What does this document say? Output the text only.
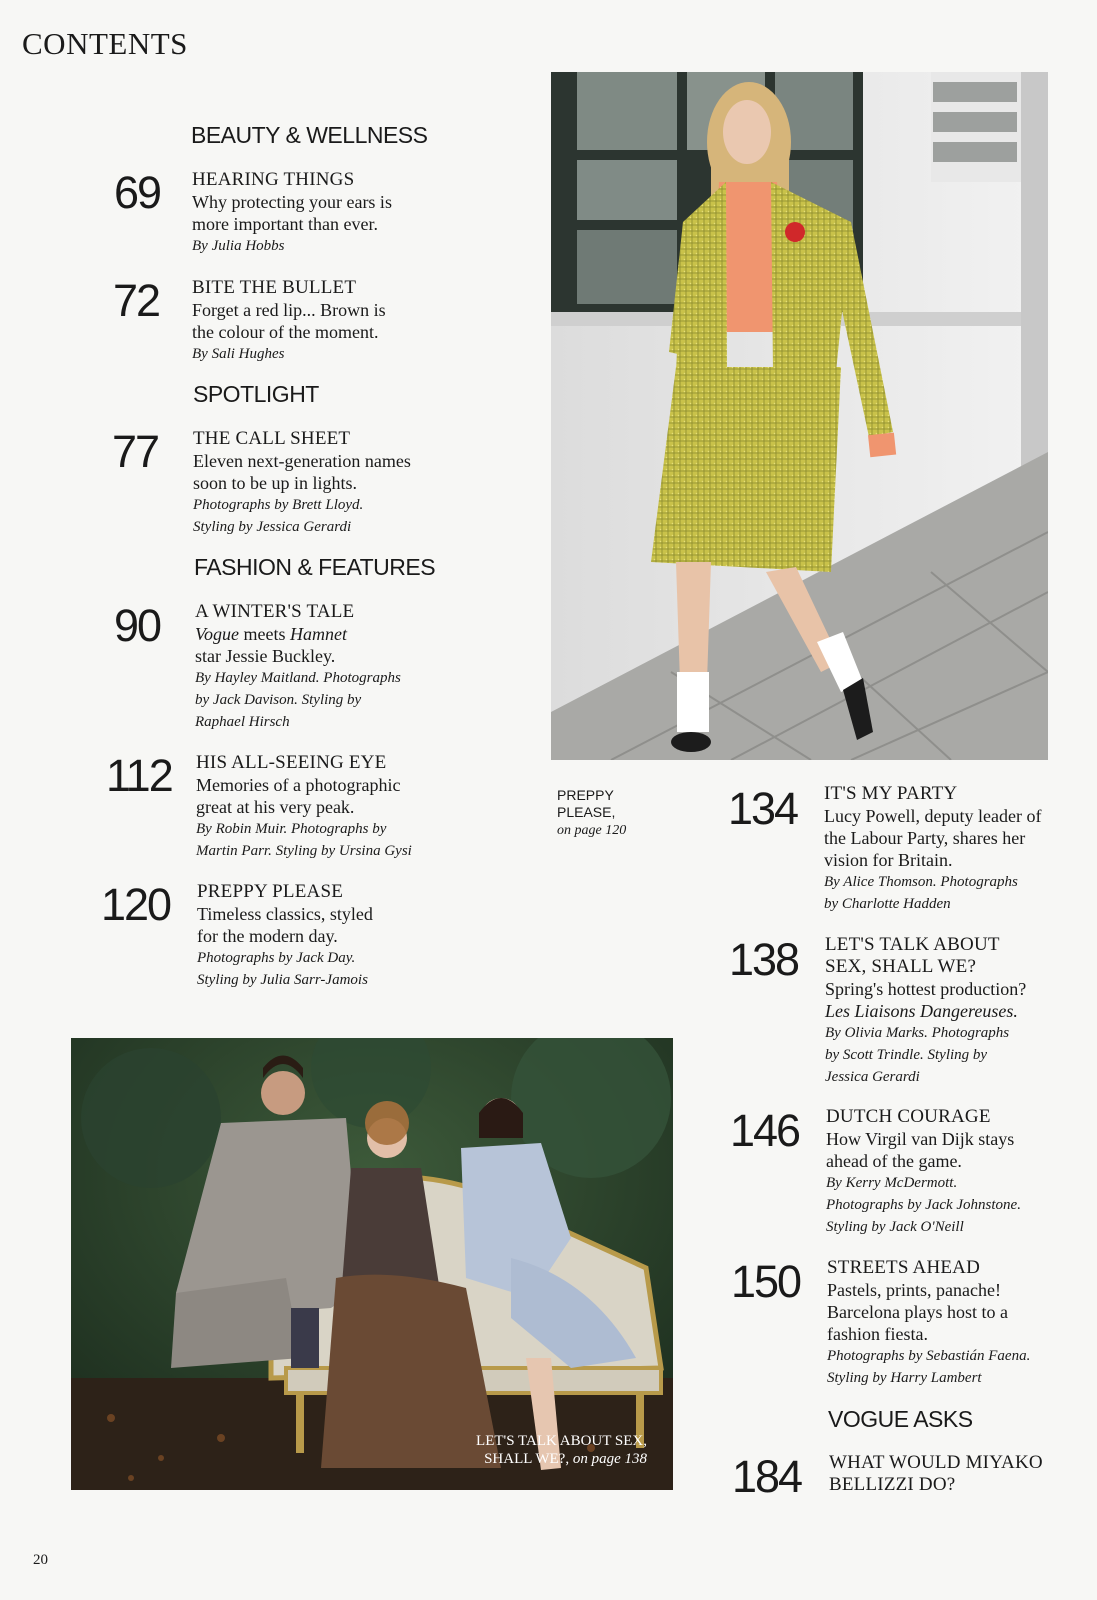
CONTENTS
BEAUTY & WELLNESS
69 HEARING THINGS
Why protecting your ears is more important than ever.
By Julia Hobbs
72 BITE THE BULLET
Forget a red lip... Brown is the colour of the moment.
By Sali Hughes
SPOTLIGHT
77 THE CALL SHEET
Eleven next-generation names soon to be up in lights.
Photographs by Brett Lloyd. Styling by Jessica Gerardi
FASHION & FEATURES
90 A WINTER'S TALE
Vogue meets Hamnet star Jessie Buckley.
By Hayley Maitland. Photographs by Jack Davison. Styling by Raphael Hirsch
112 HIS ALL-SEEING EYE
Memories of a photographic great at his very peak.
By Robin Muir. Photographs by Martin Parr. Styling by Ursina Gysi
120 PREPPY PLEASE
Timeless classics, styled for the modern day.
Photographs by Jack Day. Styling by Julia Sarr-Jamois
PREPPY
PLEASE,
on page 120 134 IT'S MY PARTY
Lucy Powell, deputy leader of the Labour Party, shares her vision for Britain.
By Alice Thomson. Photographs by Charlotte Hadden
138 LET'S TALK ABOUT SEX, SHALL WE?
Spring's hottest production?
Les Liaisons Dangereuses.
By Olivia Marks. Photographs by Scott Trindle. Styling by Jessica Gerardi
146 DUTCH COURAGE
How Virgil van Dijk stays ahead of the game.
By Kerry McDermott. Photographs by Jack Johnstone. Styling by Jack O'Neill
150 STREETS AHEAD
Pastels, prints, panache! Barcelona plays host to a fashion fiesta.
Photographs by Sebastián Faena. Styling by Harry Lambert
VOGUE ASKS
184 WHAT WOULD MIYAKO BELLIZZI DO?
LET'S TALK ABOUT SEX,
SHALL WE?, on page 138
20
